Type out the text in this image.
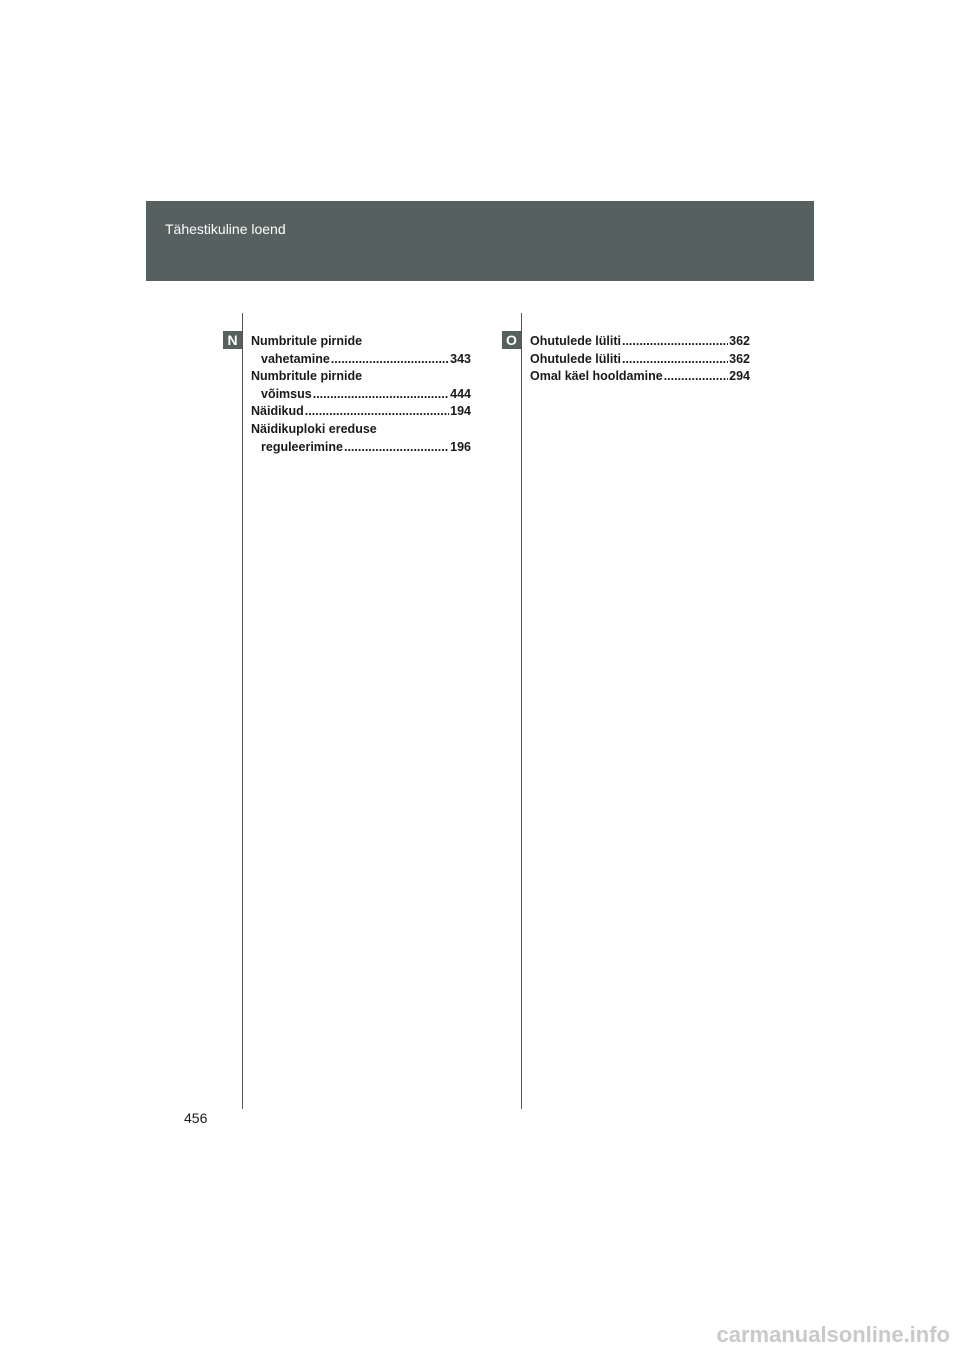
Tähestikuline loend
N	O
Numbritule pirnide
vahetamine .....	343
Numbritule pirnide
võimsus .....	444
Näidikud .....	194
Näidikuploki ereduse
reguleerimine .....	196
Ohutulede lüliti .....	362
Ohutulede lüliti .....	362
Omal käel hooldamine .....	294
456
carmanualsonline.info
